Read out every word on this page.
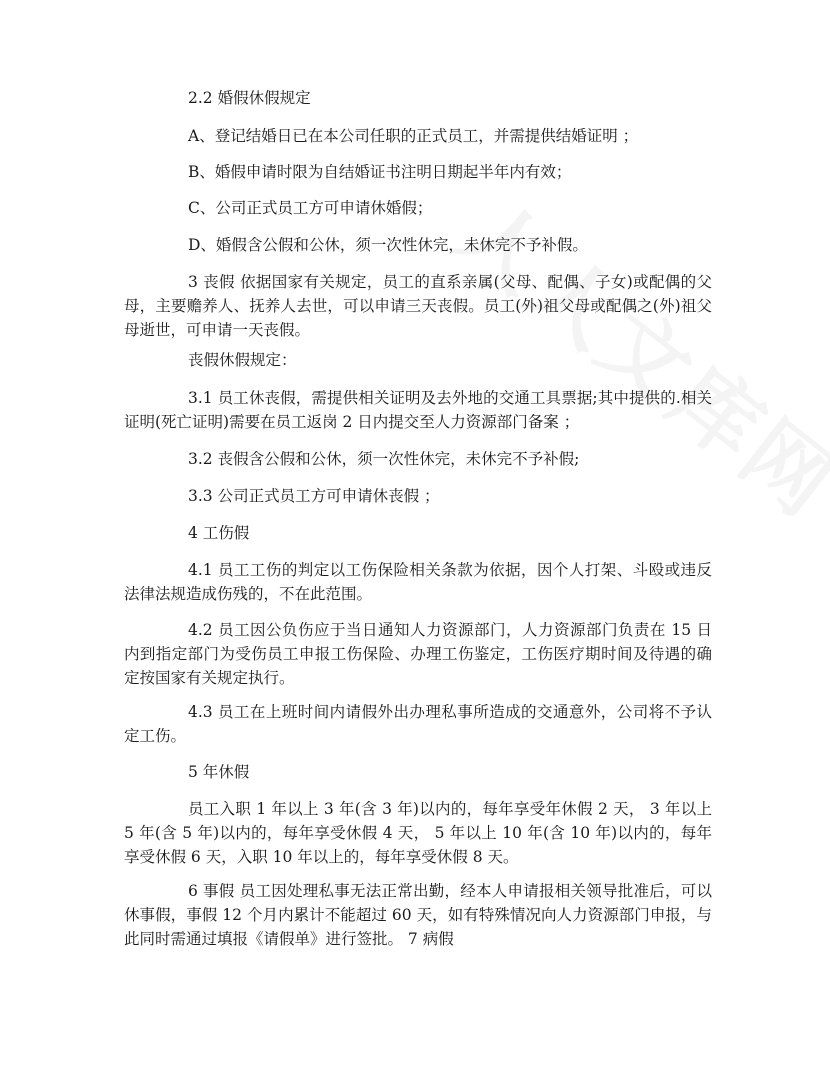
2.2 婚假休假规定
A、登记结婚日已在本公司任职的正式员工，并需提供结婚证明 ；
B、婚假申请时限为自结婚证书注明日期起半年内有效；
C、公司正式员工方可申请休婚假；
D、婚假含公假和公休，须一次性休完，未休完不予补假。
3 丧假 依据国家有关规定，员工的直系亲属(父母、配偶、子女)或配偶的父母，主要赡养人、抚养人去世，可以申请三天丧假。员工(外)祖父母或配偶之(外)祖父母逝世，可申请一天丧假。
丧假休假规定：
3.1 员工休丧假，需提供相关证明及去外地的交通工具票据;其中提供的.相关证明(死亡证明)需要在员工返岗 2 日内提交至人力资源部门备案 ；
3.2 丧假含公假和公休，须一次性休完，未休完不予补假;
3.3 公司正式员工方可申请休丧假 ；
4 工伤假
4.1 员工工伤的判定以工伤保险相关条款为依据，因个人打架、斗殴或违反法律法规造成伤残的，不在此范围。
4.2 员工因公负伤应于当日通知人力资源部门，人力资源部门负责在 15 日内到指定部门为受伤员工申报工伤保险、办理工伤鉴定，工伤医疗期时间及待遇的确定按国家有关规定执行。
4.3 员工在上班时间内请假外出办理私事所造成的交通意外，公司将不予认定工伤。
5 年休假
员工入职 1 年以上 3 年(含 3 年)以内的，每年享受年休假 2 天， 3 年以上 5 年(含 5 年)以内的，每年享受休假 4 天， 5 年以上 10 年(含 10 年)以内的，每年享受休假 6 天，入职 10 年以上的，每年享受休假 8 天。
6 事假 员工因处理私事无法正常出勤，经本人申请报相关领导批准后，可以休事假，事假 12 个月内累计不能超过 60 天，如有特殊情况向人力资源部门申报，与此同时需通过填报《请假单》进行签批。 7 病假
